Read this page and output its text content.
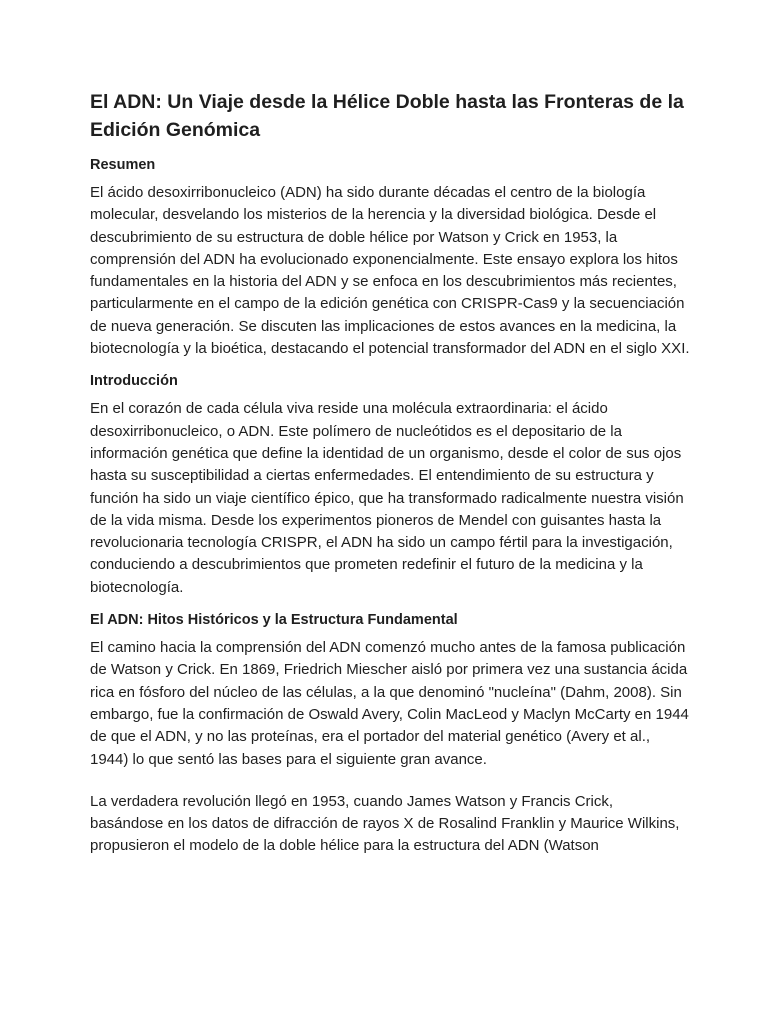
El ADN: Un Viaje desde la Hélice Doble hasta las Fronteras de la Edición Genómica
Resumen

El ácido desoxirribonucleico (ADN) ha sido durante décadas el centro de la biología molecular, desvelando los misterios de la herencia y la diversidad biológica. Desde el descubrimiento de su estructura de doble hélice por Watson y Crick en 1953, la comprensión del ADN ha evolucionado exponencialmente. Este ensayo explora los hitos fundamentales en la historia del ADN y se enfoca en los descubrimientos más recientes, particularmente en el campo de la edición genética con CRISPR-Cas9 y la secuenciación de nueva generación. Se discuten las implicaciones de estos avances en la medicina, la biotecnología y la bioética, destacando el potencial transformador del ADN en el siglo XXI.

Introducción

En el corazón de cada célula viva reside una molécula extraordinaria: el ácido desoxirribonucleico, o ADN. Este polímero de nucleótidos es el depositario de la información genética que define la identidad de un organismo, desde el color de sus ojos hasta su susceptibilidad a ciertas enfermedades. El entendimiento de su estructura y función ha sido un viaje científico épico, que ha transformado radicalmente nuestra visión de la vida misma. Desde los experimentos pioneros de Mendel con guisantes hasta la revolucionaria tecnología CRISPR, el ADN ha sido un campo fértil para la investigación, conduciendo a descubrimientos que prometen redefinir el futuro de la medicina y la biotecnología.

El ADN: Hitos Históricos y la Estructura Fundamental

El camino hacia la comprensión del ADN comenzó mucho antes de la famosa publicación de Watson y Crick. En 1869, Friedrich Miescher aisló por primera vez una sustancia ácida rica en fósforo del núcleo de las células, a la que denominó "nucleína" (Dahm, 2008). Sin embargo, fue la confirmación de Oswald Avery, Colin MacLeod y Maclyn McCarty en 1944 de que el ADN, y no las proteínas, era el portador del material genético (Avery et al., 1944) lo que sentó las bases para el siguiente gran avance.

La verdadera revolución llegó en 1953, cuando James Watson y Francis Crick, basándose en los datos de difracción de rayos X de Rosalind Franklin y Maurice Wilkins, propusieron el modelo de la doble hélice para la estructura del ADN (Watson
